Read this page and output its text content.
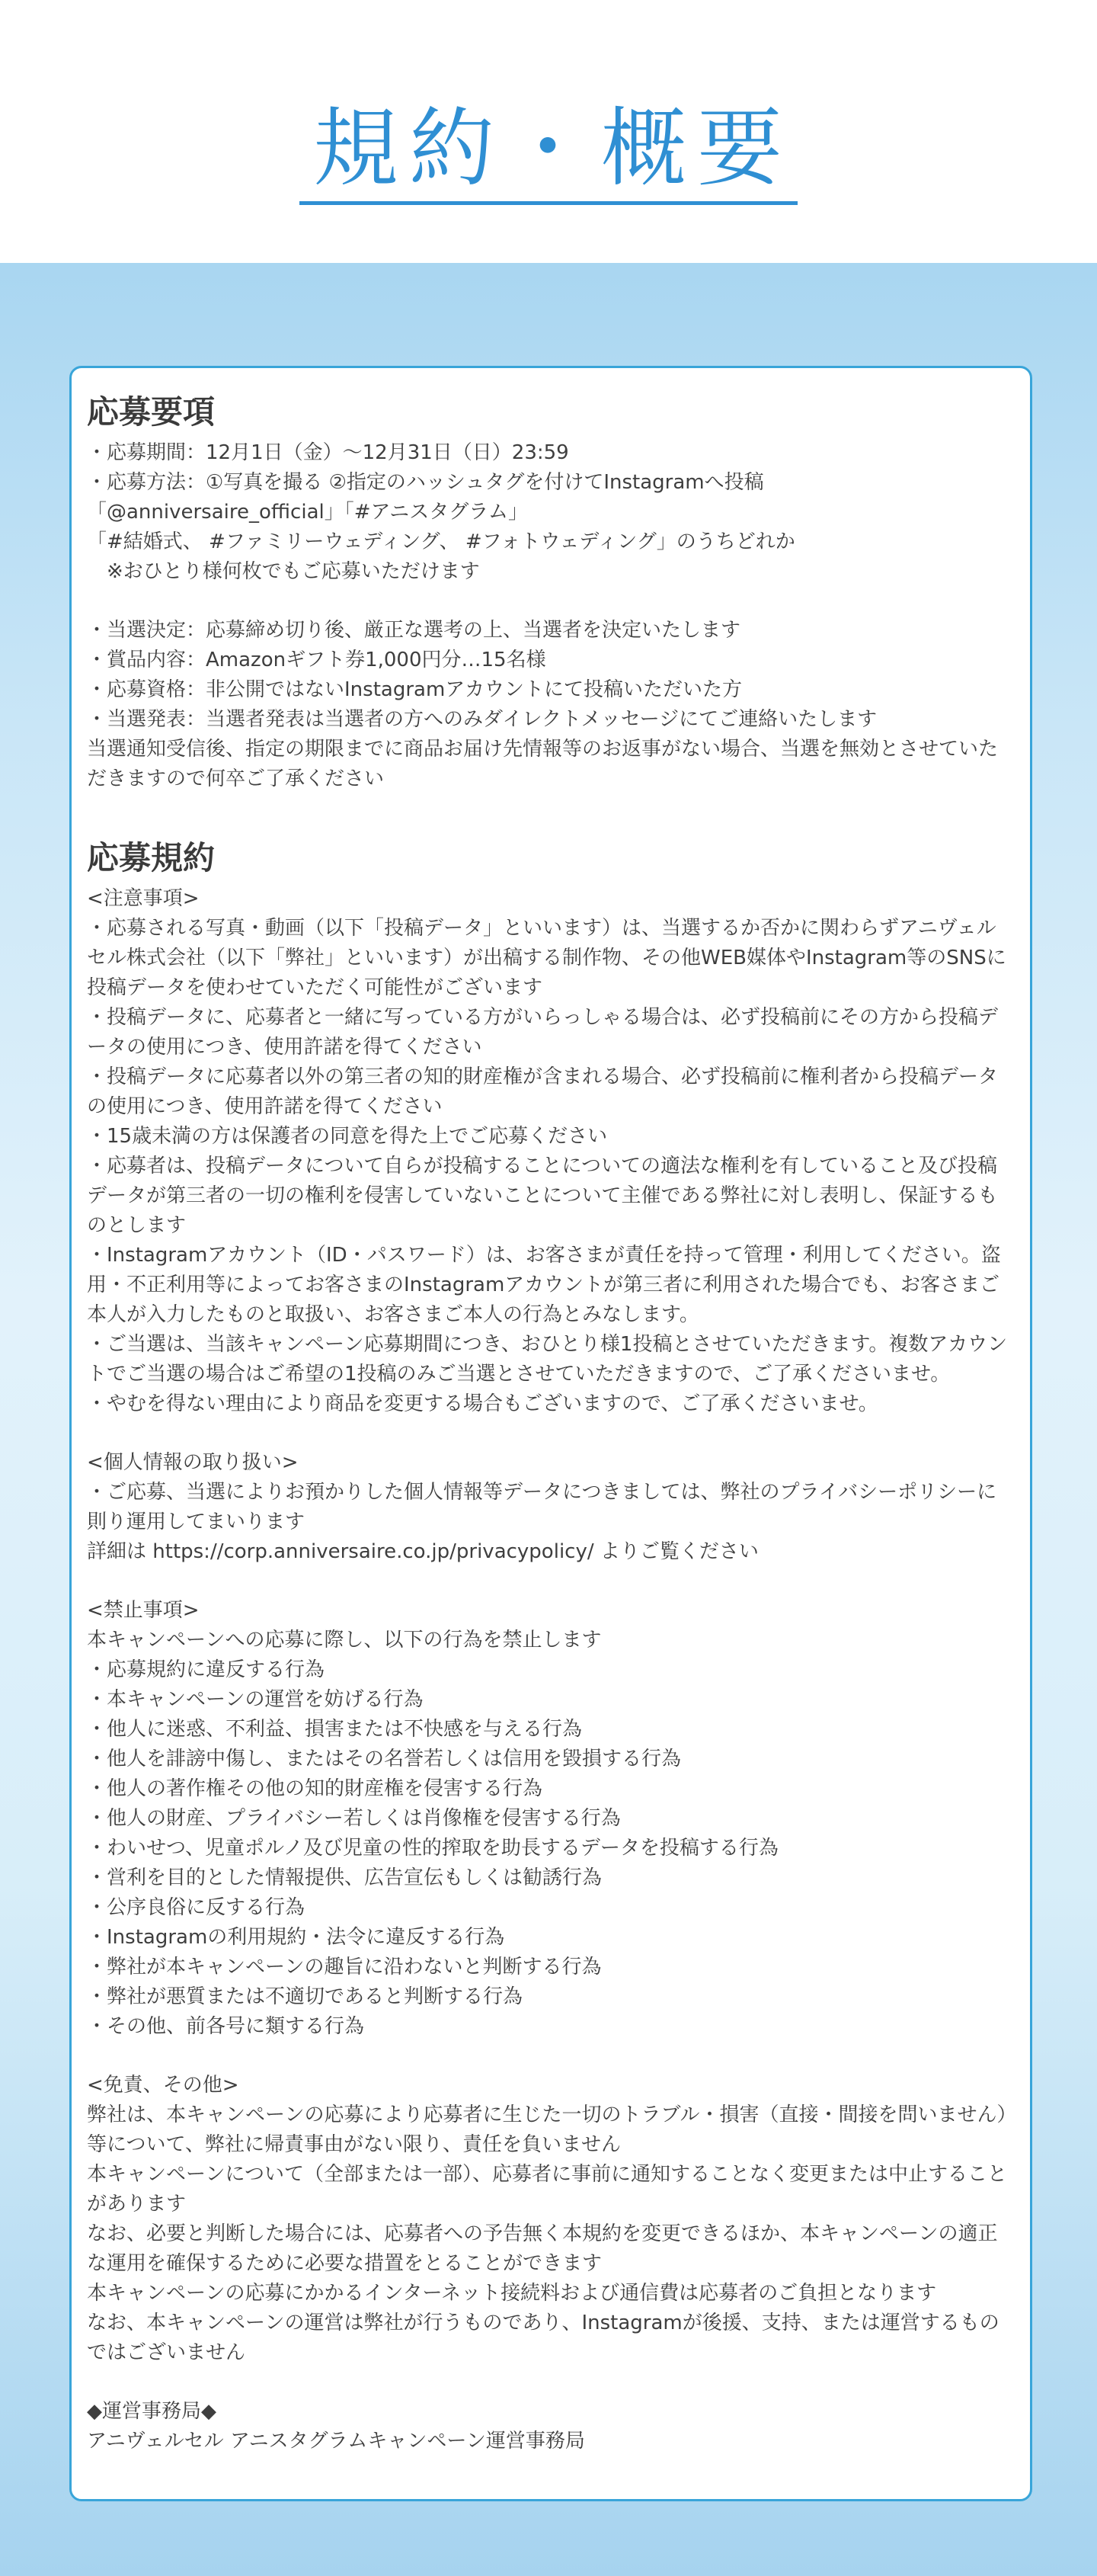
規約・概要
応募要項

・応募期間：12月1日（金）〜12月31日（日）23:59

・応募方法：①写真を撮る ②指定のハッシュタグを付けてInstagramへ投稿

「@anniversaire_official」「#アニスタグラム」

「#結婚式、 #ファミリーウェディング、 #フォトウェディング」のうちどれか

　※おひとり様何枚でもご応募いただけます

・当選決定：応募締め切り後、厳正な選考の上、当選者を決定いたします

・賞品内容：Amazonギフト券1,000円分…15名様

・応募資格：非公開ではないInstagramアカウントにて投稿いただいた方

・当選発表：当選者発表は当選者の方へのみダイレクトメッセージにてご連絡いたします

当選通知受信後、指定の期限までに商品お届け先情報等のお返事がない場合、当選を無効とさせていただきますので何卒ご了承ください

応募規約

<注意事項>

・応募される写真・動画（以下「投稿データ」といいます）は、当選するか否かに関わらずアニヴェルセル株式会社（以下「弊社」といいます）が出稿する制作物、その他WEB媒体やInstagram等のSNSに投稿データを使わせていただく可能性がございます

・投稿データに、応募者と一緒に写っている方がいらっしゃる場合は、必ず投稿前にその方から投稿データの使用につき、使用許諾を得てください

・投稿データに応募者以外の第三者の知的財産権が含まれる場合、必ず投稿前に権利者から投稿データの使用につき、使用許諾を得てください

・15歳未満の方は保護者の同意を得た上でご応募ください

・応募者は、投稿データについて自らが投稿することについての適法な権利を有していること及び投稿データが第三者の一切の権利を侵害していないことについて主催である弊社に対し表明し、保証するものとします

・Instagramアカウント（ID・パスワード）は、お客さまが責任を持って管理・利用してください。盗用・不正利用等によってお客さまのInstagramアカウントが第三者に利用された場合でも、お客さまご本人が入力したものと取扱い、お客さまご本人の行為とみなします。

・ご当選は、当該キャンペーン応募期間につき、おひとり様1投稿とさせていただきます。複数アカウントでご当選の場合はご希望の1投稿のみご当選とさせていただきますので、ご了承くださいませ。

・やむを得ない理由により商品を変更する場合もございますので、ご了承くださいませ。

<個人情報の取り扱い>

・ご応募、当選によりお預かりした個人情報等データにつきましては、弊社のプライバシーポリシーに則り運用してまいります

詳細は https://corp.anniversaire.co.jp/privacypolicy/ よりご覧ください

<禁止事項>

本キャンペーンへの応募に際し、以下の行為を禁止します

・応募規約に違反する行為

・本キャンペーンの運営を妨げる行為

・他人に迷惑、不利益、損害または不快感を与える行為

・他人を誹謗中傷し、またはその名誉若しくは信用を毀損する行為

・他人の著作権その他の知的財産権を侵害する行為

・他人の財産、プライバシー若しくは肖像権を侵害する行為

・わいせつ、児童ポルノ及び児童の性的搾取を助長するデータを投稿する行為

・営利を目的とした情報提供、広告宣伝もしくは勧誘行為

・公序良俗に反する行為

・Instagramの利用規約・法令に違反する行為

・弊社が本キャンペーンの趣旨に沿わないと判断する行為

・弊社が悪質または不適切であると判断する行為

・その他、前各号に類する行為

<免責、その他>

弊社は、本キャンペーンの応募により応募者に生じた一切のトラブル・損害（直接・間接を問いません）等について、弊社に帰責事由がない限り、責任を負いません

本キャンペーンについて（全部または一部）、応募者に事前に通知することなく変更または中止することがあります

なお、必要と判断した場合には、応募者への予告無く本規約を変更できるほか、本キャンペーンの適正な運用を確保するために必要な措置をとることができます

本キャンペーンの応募にかかるインターネット接続料および通信費は応募者のご負担となります

なお、本キャンペーンの運営は弊社が行うものであり、Instagramが後援、支持、または運営するものではございません

◆運営事務局◆

アニヴェルセル アニスタグラムキャンペーン運営事務局
